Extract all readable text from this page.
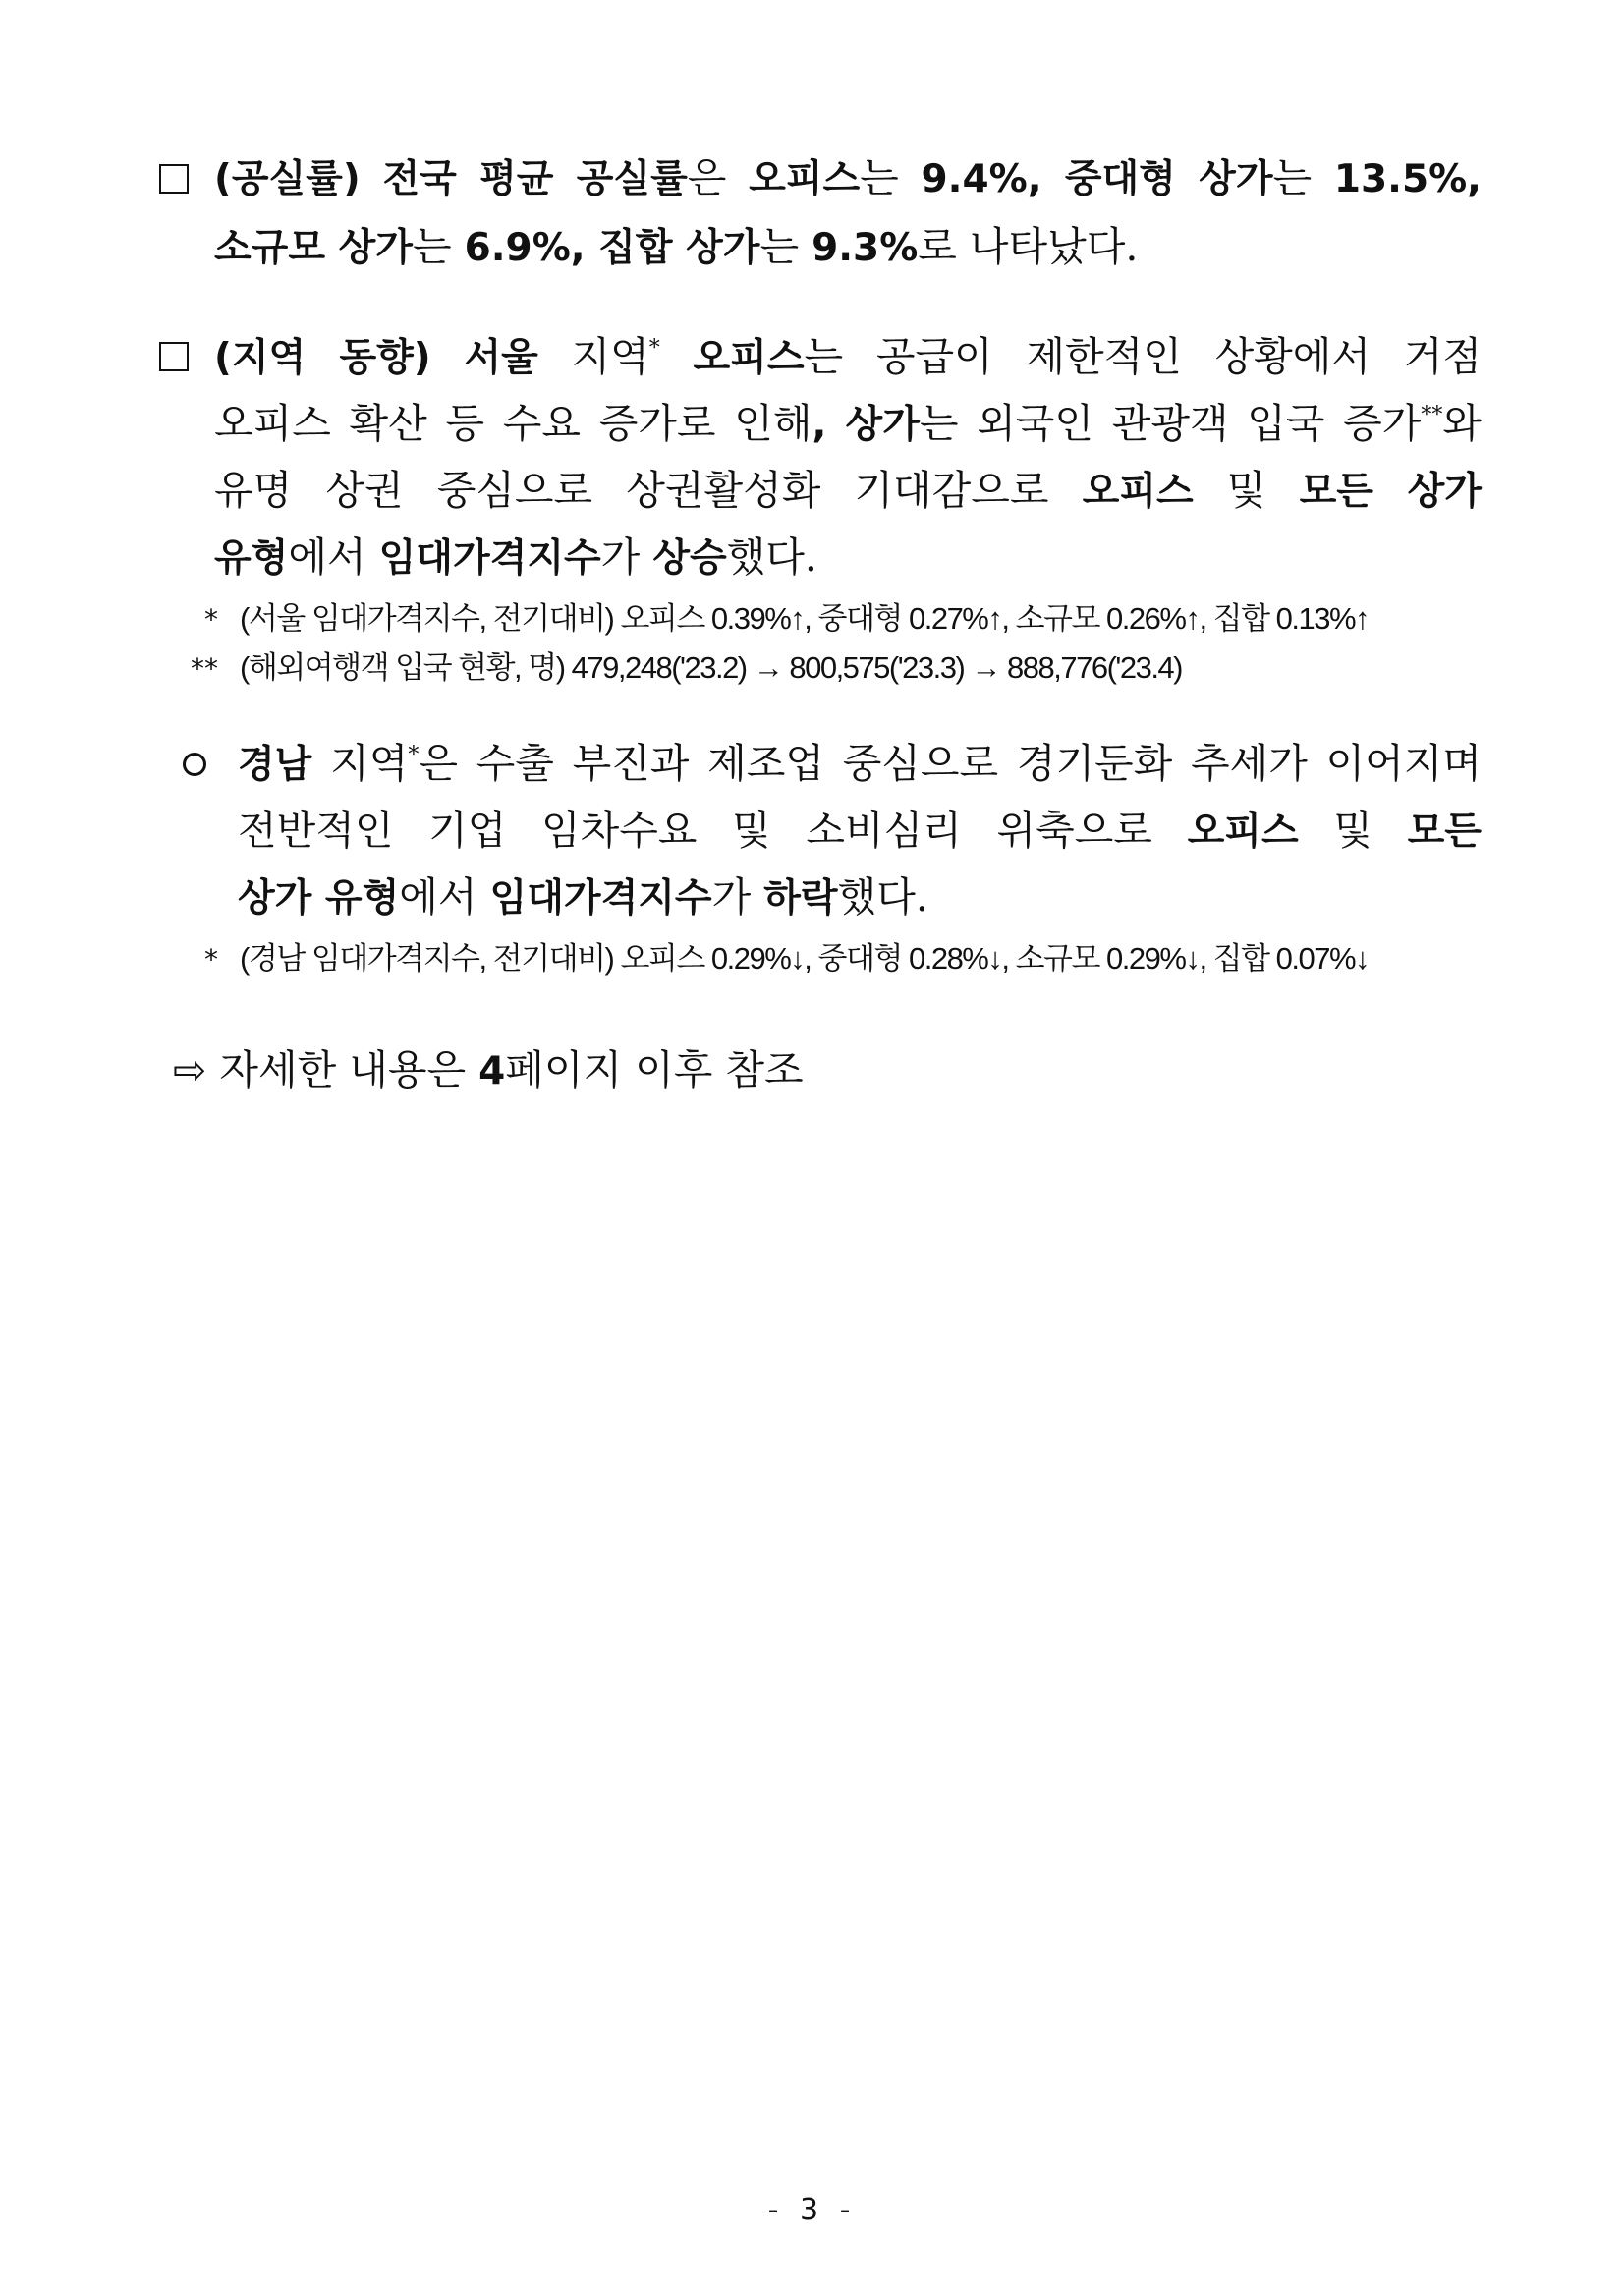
(공실률) 전국 평균 공실률은 오피스는 9.4%, 중대형 상가는 13.5%,
소규모 상가는 6.9%, 집합 상가는 9.3%로 나타났다.
(지역 동향) 서울 지역* 오피스는 공급이 제한적인 상황에서 거점
오피스 확산 등 수요 증가로 인해, 상가는 외국인 관광객 입국 증가**와
유명 상권 중심으로 상권활성화 기대감으로 오피스 및 모든 상가
유형에서 임대가격지수가 상승했다.
* (서울 임대가격지수, 전기대비) 오피스 0.39%↑, 중대형 0.27%↑, 소규모 0.26%↑, 집합 0.13%↑
** (해외여행객 입국 현황, 명) 479,248('23.2) → 800,575('23.3) → 888,776('23.4)
경남 지역*은 수출 부진과 제조업 중심으로 경기둔화 추세가 이어지며
전반적인 기업 임차수요 및 소비심리 위축으로 오피스 및 모든
상가 유형에서 임대가격지수가 하락했다.
* (경남 임대가격지수, 전기대비) 오피스 0.29%↓, 중대형 0.28%↓, 소규모 0.29%↓, 집합 0.07%↓
⇨ 자세한 내용은 4페이지 이후 참조
- 3 -
